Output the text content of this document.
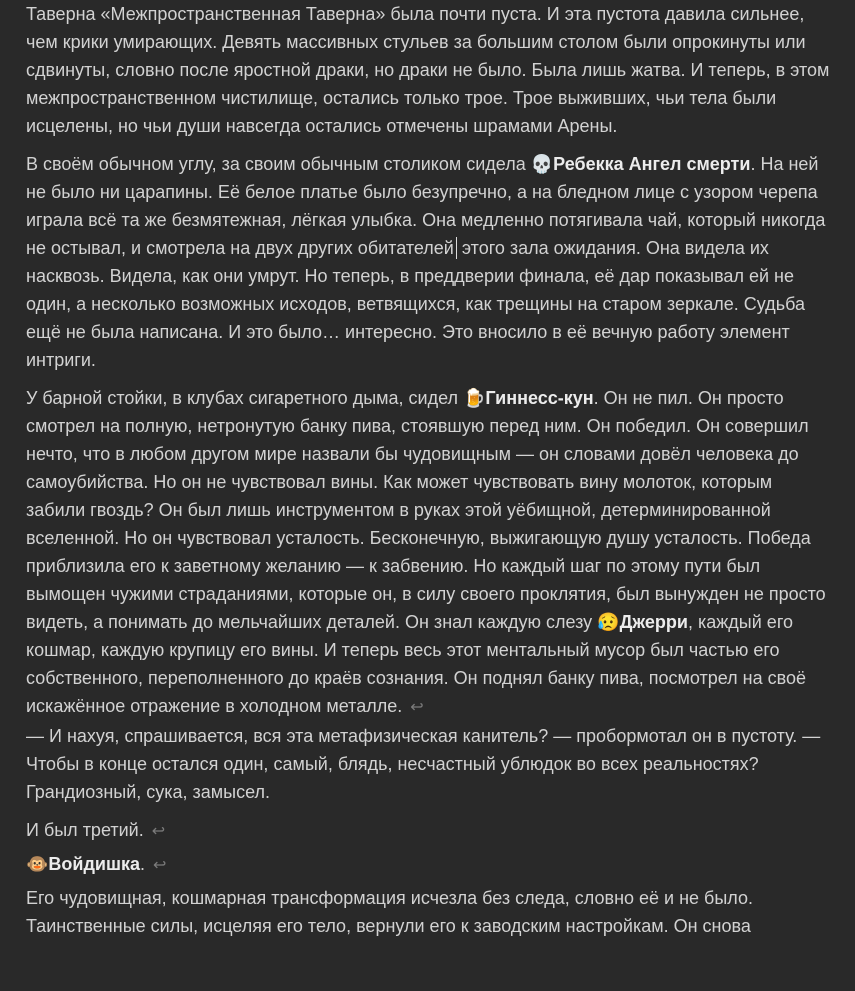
Таверна «Межпространственная Таверна» была почти пуста. И эта пустота давила сильнее, чем крики умирающих. Девять массивных стульев за большим столом были опрокинуты или сдвинуты, словно после яростной драки, но драки не было. Была лишь жатва. И теперь, в этом межпространственном чистилище, остались только трое. Трое выживших, чьи тела были исцелены, но чьи души навсегда остались отмечены шрамами Арены.

В своём обычном углу, за своим обычным столиком сидела 💀Ребекка Ангел смерти. На ней не было ни царапины. Её белое платье было безупречно, а на бледном лице с узором черепа играла всё та же безмятежная, лёгкая улыбка. Она медленно потягивала чай, который никогда не остывал, и смотрела на двух других обитателей этого зала ожидания. Она видела их насквозь. Видела, как они умрут. Но теперь, в преддверии финала, её дар показывал ей не один, а несколько возможных исходов, ветвящихся, как трещины на старом зеркале. Судьба ещё не была написана. И это было… интересно. Это вносило в её вечную работу элемент интриги.

У барной стойки, в клубах сигаретного дыма, сидел 🍺Гиннесс-кун. Он не пил. Он просто смотрел на полную, нетронутую банку пива, стоявшую перед ним. Он победил. Он совершил нечто, что в любом другом мире назвали бы чудовищным — он словами довёл человека до самоубийства. Но он не чувствовал вины. Как может чувствовать вину молоток, которым забили гвоздь? Он был лишь инструментом в руках этой уёбищной, детерминированной вселенной. Но он чувствовал усталость. Бесконечную, выжигающую душу усталость. Победа приблизила его к заветному желанию — к забвению. Но каждый шаг по этому пути был вымощен чужими страданиями, которые он, в силу своего проклятия, был вынужден не просто видеть, а понимать до мельчайших деталей. Он знал каждую слезу 😥Джерри, каждый его кошмар, каждую крупицу его вины. И теперь весь этот ментальный мусор был частью его собственного, переполненного до краёв сознания. Он поднял банку пива, посмотрел на своё искажённое отражение в холодном металле. ↩
— И нахуя, спрашивается, вся эта метафизическая канитель? — пробормотал он в пустоту. — Чтобы в конце остался один, самый, блядь, несчастный ублюдок во всех реальностях? Грандиозный, сука, замысел.

И был третий. ↩

🐵Войдишка. ↩

Его чудовищная, кошмарная трансформация исчезла без следа, словно её и не было. Таинственные силы, исцеляя его тело, вернули его к заводским настройкам. Он снова
